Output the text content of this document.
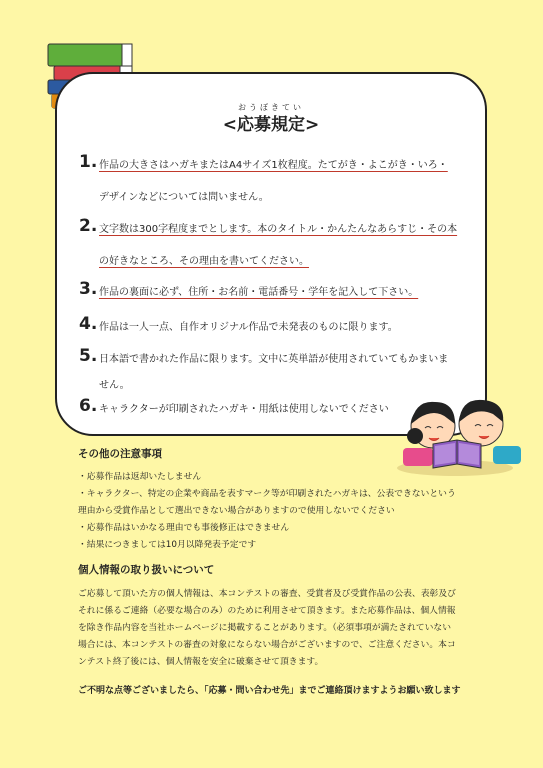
おうぼきてい
<応募規定>
1. 作品の大きさはハガキまたはA4サイズ1枚程度。たてがき・よこがき・いろ・
デザインなどについては問いません。
2. 文字数は300字程度までとします。本のタイトル・かんたんなあらすじ・その本
の好きなところ、その理由を書いてください。
3. 作品の裏面に必ず、住所・お名前・電話番号・学年を記入して下さい。
4. 作品は一人一点、自作オリジナル作品で未発表のものに限ります。
5. 日本語で書かれた作品に限ります。文中に英単語が使用されていてもかまいま
せん。
6. キャラクターが印刷されたハガキ・用紙は使用しないでください
その他の注意事項
・応募作品は返却いたしません
・キャラクター、特定の企業や商品を表すマーク等が印刷されたハガキは、公表できないという
理由から受賞作品として選出できない場合がありますので使用しないでください
・応募作品はいかなる理由でも事後修正はできません
・結果につきましては10月以降発表予定です
個人情報の取り扱いについて
ご応募して頂いた方の個人情報は、本コンテストの審査、受賞者及び受賞作品の公表、表彰及び
それに係るご連絡（必要な場合のみ）のために利用させて頂きます。また応募作品は、個人情報
を除き作品内容を当社ホームページに掲載することがあります。（必須事項が満たされていない
場合には、本コンテストの審査の対象にならない場合がございますので、ご注意ください。本コ
ンテスト終了後には、個人情報を安全に破棄させて頂きます。
ご不明な点等ございましたら、「応募・問い合わせ先」までご連絡頂けますようお願い致します
